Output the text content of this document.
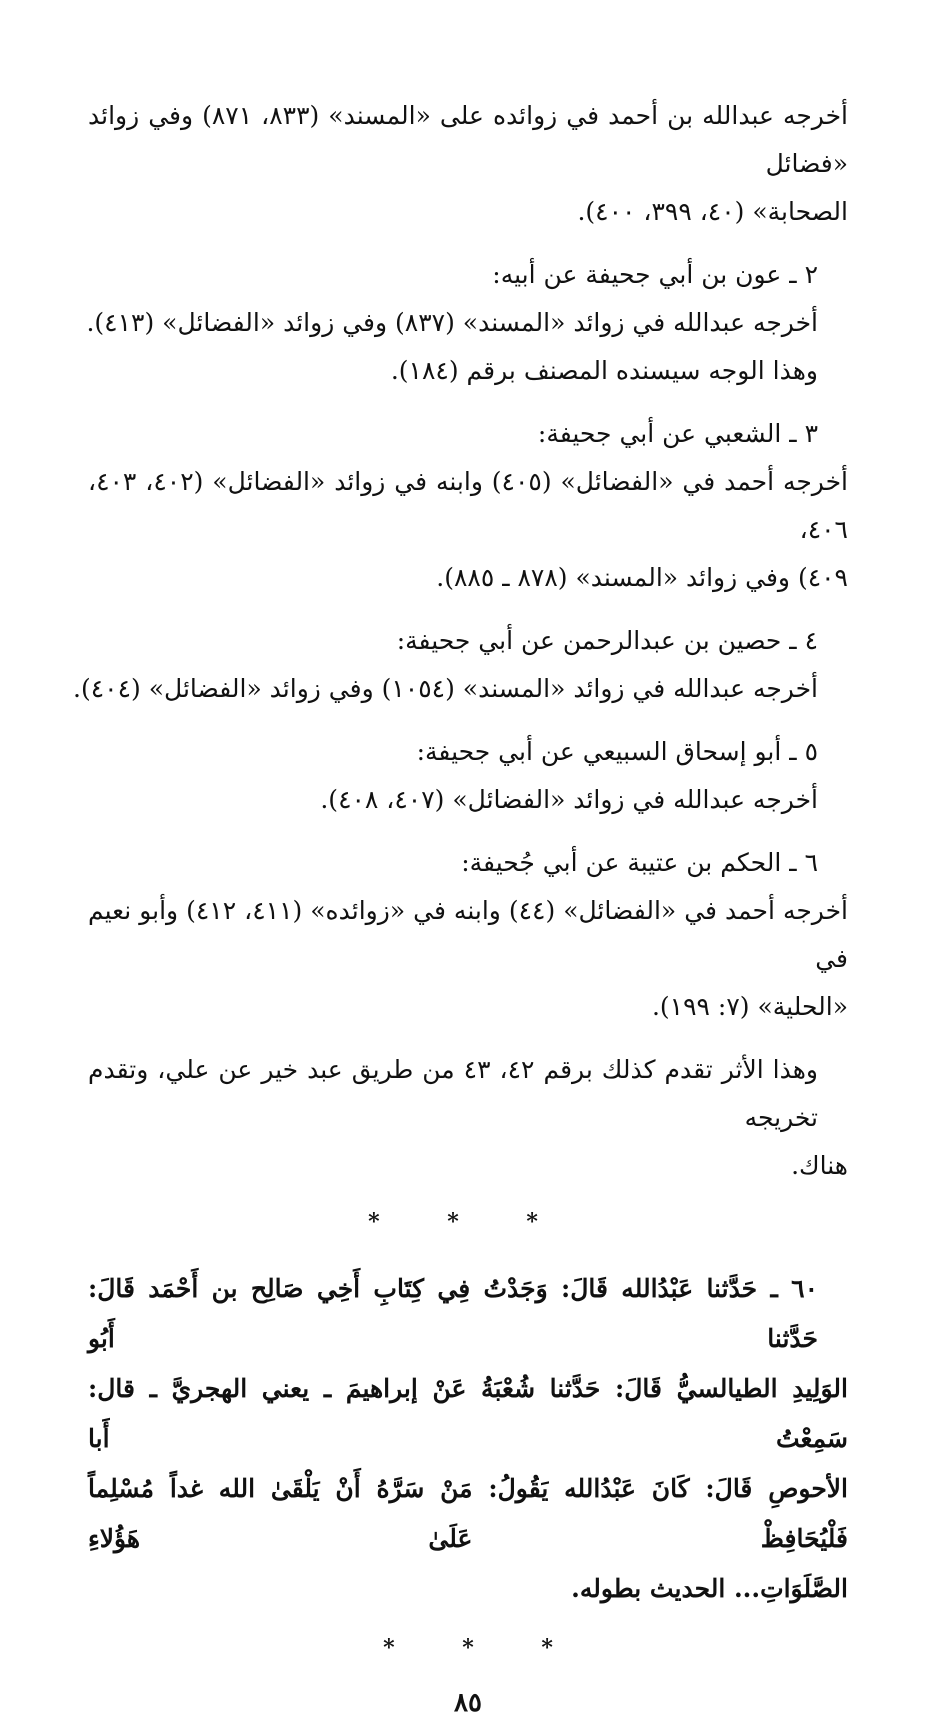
أخرجه عبدالله بن أحمد في زوائده على «المسند» (٨٣٣، ٨٧١) وفي زوائد «فضائل
الصحابة» (٤٠، ٣٩٩، ٤٠٠).
٢ ـ عون بن أبي جحيفة عن أبيه:
أخرجه عبدالله في زوائد «المسند» (٨٣٧) وفي زوائد «الفضائل» (٤١٣).
وهذا الوجه سيسنده المصنف برقم (١٨٤).
٣ ـ الشعبي عن أبي جحيفة:
أخرجه أحمد في «الفضائل» (٤٠٥) وابنه في زوائد «الفضائل» (٤٠٢، ٤٠٣، ٤٠٦،
٤٠٩) وفي زوائد «المسند» (٨٧٨ ـ ٨٨٥).
٤ ـ حصين بن عبدالرحمن عن أبي جحيفة:
أخرجه عبدالله في زوائد «المسند» (١٠٥٤) وفي زوائد «الفضائل» (٤٠٤).
٥ ـ أبو إسحاق السبيعي عن أبي جحيفة:
أخرجه عبدالله في زوائد «الفضائل» (٤٠٧، ٤٠٨).
٦ ـ الحكم بن عتيبة عن أبي جُحيفة:
أخرجه أحمد في «الفضائل» (٤٤) وابنه في «زوائده» (٤١١، ٤١٢) وأبو نعيم في
«الحلية» (٧: ١٩٩).
وهذا الأثر تقدم كذلك برقم ٤٢، ٤٣ من طريق عبد خير عن علي، وتقدم تخريجه
هناك.
* * *
٦٠ ـ حَدَّثنا عَبْدُالله قَالَ: وَجَدْتُ فِي كِتَابِ أَخِي صَالِح بن أَحْمَد قَالَ: حَدَّثنا أَبُو
الوَلِيدِ الطيالسيُّ قَالَ: حَدَّثنا شُعْبَةُ عَنْ إبراهيمَ ـ يعني الهجريَّ ـ قال: سَمِعْتُ أَبا
الأحوصِ قَالَ: كَانَ عَبْدُالله يَقُولُ: مَنْ سَرَّهُ أَنْ يَلْقَىٰ الله غداً مُسْلِماً فَلْيُحَافِظْ عَلَىٰ هَؤُلاءِ
الصَّلَوَاتِ... الحديث بطوله.
* * *
٨٥
